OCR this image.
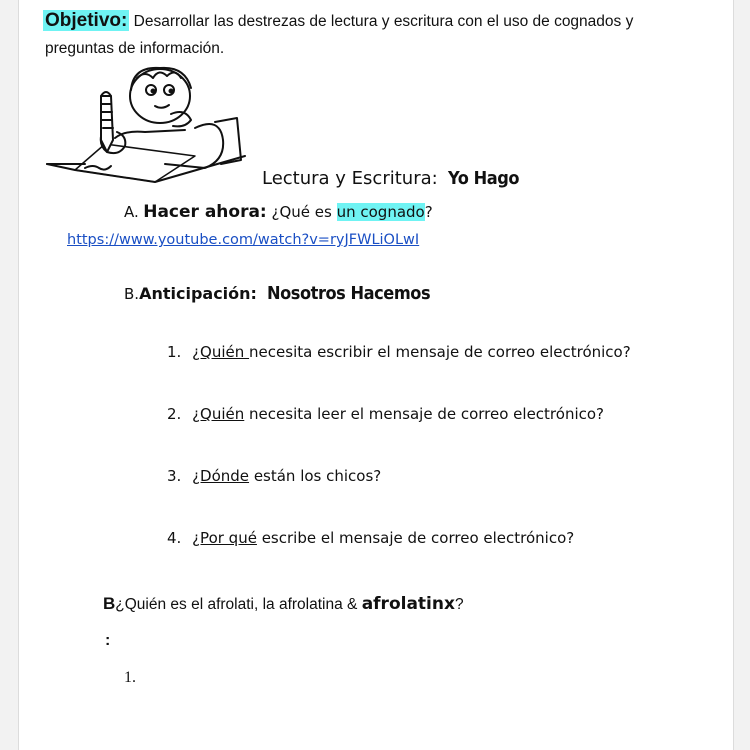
Objetivo: Desarrollar las destrezas de lectura y escritura con el uso de cognados y
preguntas de información.
Lectura y Escritura: Yo Hago
A. Hacer ahora: ¿Qué es un cognado?
https://www.youtube.com/watch?v=ryJFWLiOLwI
B.Anticipación: Nosotros Hacemos
1. ¿Quién necesita escribir el mensaje de correo electrónico?
2. ¿Quién necesita leer el mensaje de correo electrónico?
3. ¿Dónde están los chicos?
4. ¿Por qué escribe el mensaje de correo electrónico?
B¿Quién es el afrolati, la afrolatina & afrolatinx?
:
1.
